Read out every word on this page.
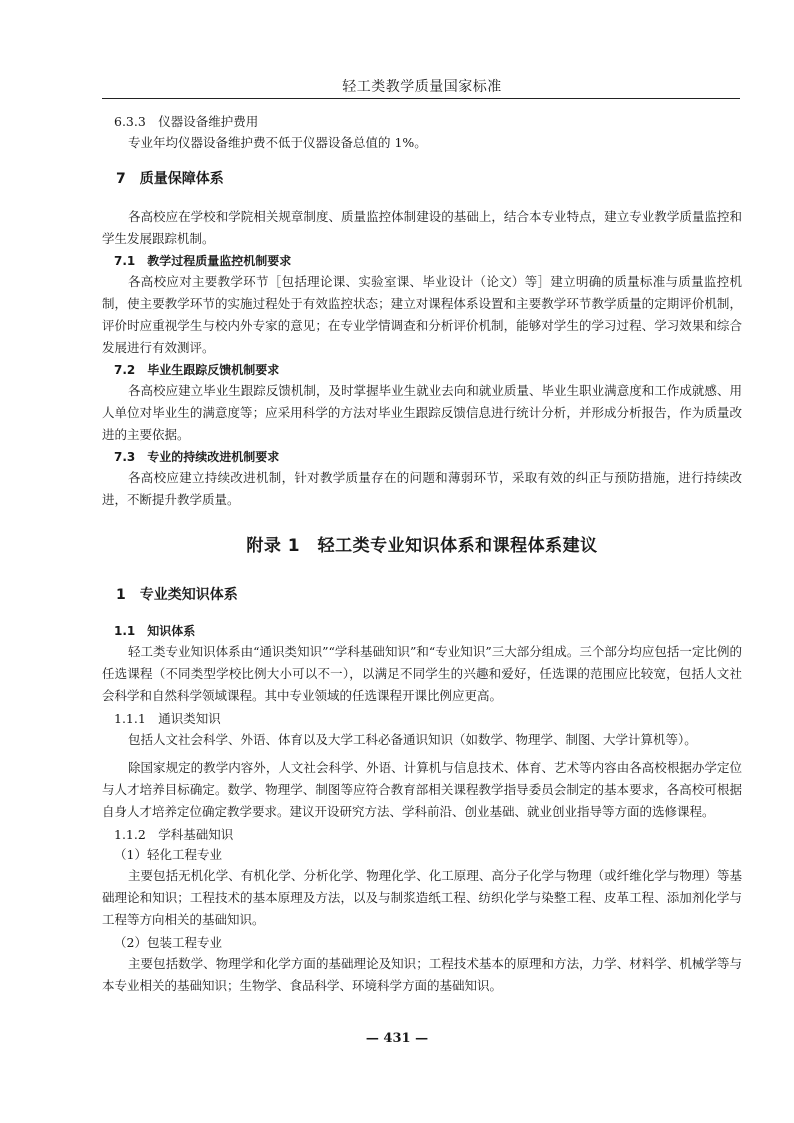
轻工类教学质量国家标准
6.3.3　仪器设备维护费用
专业年均仪器设备维护费不低于仪器设备总值的 1%。
7　质量保障体系
各高校应在学校和学院相关规章制度、质量监控体制建设的基础上，结合本专业特点，建立专业教学质量监控和学生发展跟踪机制。
7.1　教学过程质量监控机制要求
各高校应对主要教学环节［包括理论课、实验室课、毕业设计（论文）等］建立明确的质量标准与质量监控机制，使主要教学环节的实施过程处于有效监控状态；建立对课程体系设置和主要教学环节教学质量的定期评价机制，评价时应重视学生与校内外专家的意见；在专业学情调查和分析评价机制，能够对学生的学习过程、学习效果和综合发展进行有效测评。
7.2　毕业生跟踪反馈机制要求
各高校应建立毕业生跟踪反馈机制，及时掌握毕业生就业去向和就业质量、毕业生职业满意度和工作成就感、用人单位对毕业生的满意度等；应采用科学的方法对毕业生跟踪反馈信息进行统计分析，并形成分析报告，作为质量改进的主要依据。
7.3　专业的持续改进机制要求
各高校应建立持续改进机制，针对教学质量存在的问题和薄弱环节，采取有效的纠正与预防措施，进行持续改进，不断提升教学质量。
附录 1　轻工类专业知识体系和课程体系建议
1　专业类知识体系
1.1　知识体系
轻工类专业知识体系由“通识类知识”“学科基础知识”和“专业知识”三大部分组成。三个部分均应包括一定比例的任选课程（不同类型学校比例大小可以不一），以满足不同学生的兴趣和爱好，任选课的范围应比较宽，包括人文社会科学和自然科学领域课程。其中专业领域的任选课程开课比例应更高。
1.1.1　通识类知识
包括人文社会科学、外语、体育以及大学工科必备通识知识（如数学、物理学、制图、大学计算机等）。
除国家规定的教学内容外，人文社会科学、外语、计算机与信息技术、体育、艺术等内容由各高校根据办学定位与人才培养目标确定。数学、物理学、制图等应符合教育部相关课程教学指导委员会制定的基本要求，各高校可根据自身人才培养定位确定教学要求。建议开设研究方法、学科前沿、创业基础、就业创业指导等方面的选修课程。
1.1.2　学科基础知识
（1）轻化工程专业
主要包括无机化学、有机化学、分析化学、物理化学、化工原理、高分子化学与物理（或纤维化学与物理）等基础理论和知识；工程技术的基本原理及方法，以及与制浆造纸工程、纺织化学与染整工程、皮革工程、添加剂化学与工程等方向相关的基础知识。
（2）包装工程专业
主要包括数学、物理学和化学方面的基础理论及知识；工程技术基本的原理和方法，力学、材料学、机械学等与本专业相关的基础知识；生物学、食品科学、环境科学方面的基础知识。
— 431 —
